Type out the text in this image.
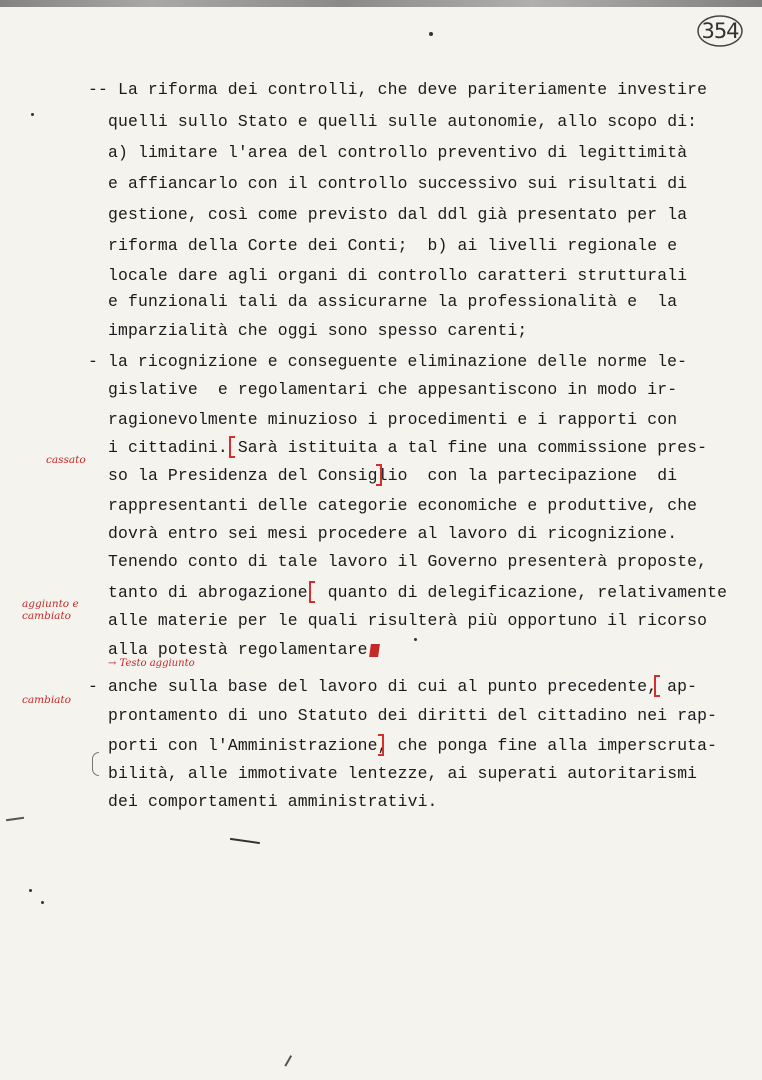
354
-- La riforma dei controlli, che deve pariteriamente investire
quelli sullo Stato e quelli sulle autonomie, allo scopo di:
a) limitare l'area del controllo preventivo di legittimità
e affiancarlo con il controllo successivo sui risultati di
gestione, così come previsto dal ddl già presentato per la
riforma della Corte dei Conti;  b) ai livelli regionale e
locale dare agli organi di controllo caratteri strutturali
e funzionali tali da assicurarne la professionalità e  la
imparzialità che oggi sono spesso carenti;
- la ricognizione e conseguente eliminazione delle norme le-
gislative  e regolamentari che appesantiscono in modo ir-
ragionevolmente minuzioso i procedimenti e i rapporti con
i cittadini. Sarà istituita a tal fine una commissione pres-
so la Presidenza del Consiglio  con la partecipazione  di
rappresentanti delle categorie economiche e produttive, che
dovrà entro sei mesi procedere al lavoro di ricognizione.
Tenendo conto di tale lavoro il Governo presenterà proposte,
tanto di abrogazione  quanto di delegificazione, relativamente
alle materie per le quali risulterà più opportuno il ricorso
alla potestà regolamentare
- anche sulla base del lavoro di cui al punto precedente, ap-
prontamento di uno Statuto dei diritti del cittadino nei rap-
porti con l'Amministrazione, che ponga fine alla imperscruta-
bilità, alle immotivate lentezze, ai superati autoritarismi
dei comportamenti amministrativi.
cassato
aggiunto e
cambiato
→ Testo aggiunto
cambiato
